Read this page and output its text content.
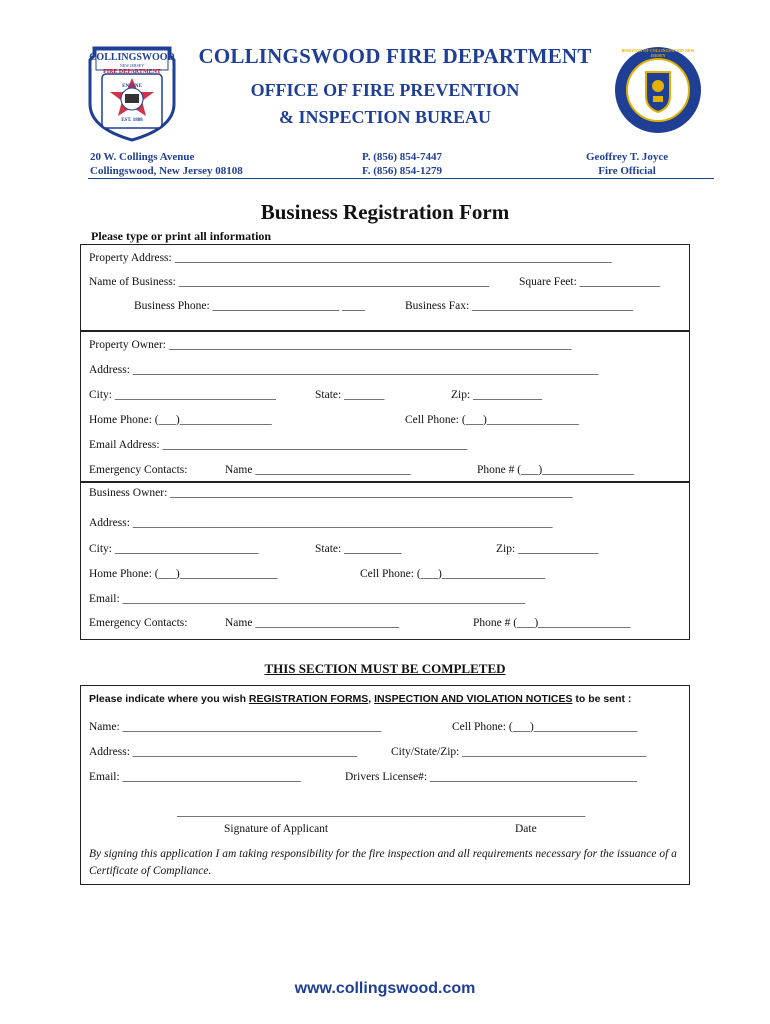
COLLINGSWOOD
NEW JERSEY
FIRE DEPARTMENT
ENGINE
EST. 1888
BOROUGH OF COLLINGSWOOD NEW JERSEY
COLLINGSWOOD FIRE DEPARTMENT
OFFICE OF FIRE PREVENTION
& INSPECTION BUREAU
20 W. Collings Avenue
Collingswood, New Jersey 08108
P. (856) 854-7447
F. (856) 854-1279
Geoffrey T. Joyce
Fire Official
Business Registration Form
Please type or print all information
Property Address: ____________________________________________________________________________
Name of Business: ______________________________________________________	Square Feet: ______________
Business Phone: ______________________ ____	Business Fax: ____________________________
Property Owner: ______________________________________________________________________
Address: _________________________________________________________________________________
City: ____________________________	State: _______	Zip: ____________
Home Phone: (___)________________	Cell Phone: (___)________________
Email Address: _____________________________________________________
Emergency Contacts:	Name ___________________________	Phone # (___)________________
Business Owner: ______________________________________________________________________
Address: _________________________________________________________________________
City: _________________________	State: __________	Zip: ______________
Home Phone: (___)_________________	Cell Phone: (___)__________________
Email: ______________________________________________________________________
Emergency Contacts:	Name _________________________	Phone # (___)________________
THIS SECTION MUST BE COMPLETED
Please indicate where you wish REGISTRATION FORMS, INSPECTION AND VIOLATION NOTICES to be sent :
Name: _____________________________________________	Cell Phone: (___)__________________
Address: _______________________________________	City/State/Zip: ________________________________
Email: _______________________________	Drivers License#: ____________________________________
_______________________________________________________________________
Signature of Applicant	Date
By signing this application I am taking responsibility for the fire inspection and all requirements necessary for the issuance of a Certificate of Compliance.
www.collingswood.com
